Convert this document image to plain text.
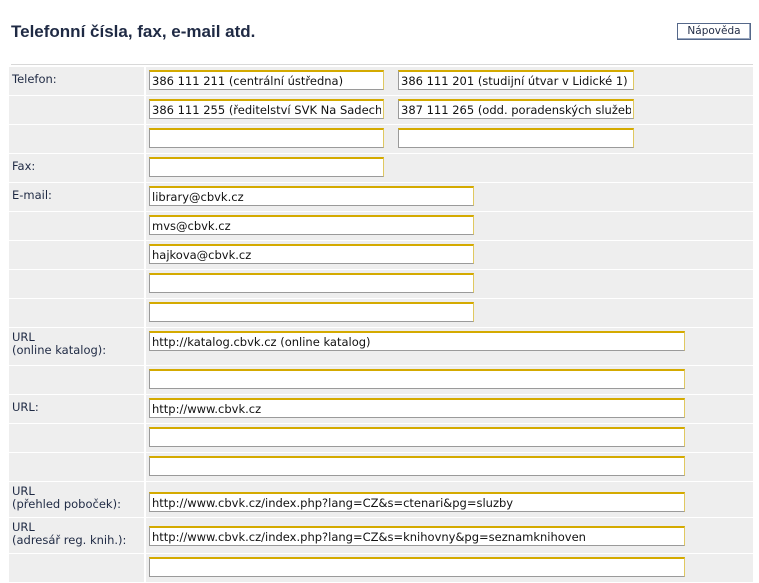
Telefonní čísla, fax, e-mail atd.	Nápověda
Telefon:
386 111 211 (centrální ústředna)
386 111 201 (studijní útvar v Lidické 1)
386 111 255 (ředitelství SVK Na Sadech
387 111 265 (odd. poradenských služeb
Fax:
E-mail:
library@cbvk.cz
mvs@cbvk.cz
hajkova@cbvk.cz
URL
(online katalog):
http://katalog.cbvk.cz (online katalog)
URL:
http://www.cbvk.cz
URL
(přehled poboček):
http://www.cbvk.cz/index.php?lang=CZ&s=ctenari&pg=sluzby
URL
(adresář reg. knih.):
http://www.cbvk.cz/index.php?lang=CZ&s=knihovny&pg=seznamknihoven
